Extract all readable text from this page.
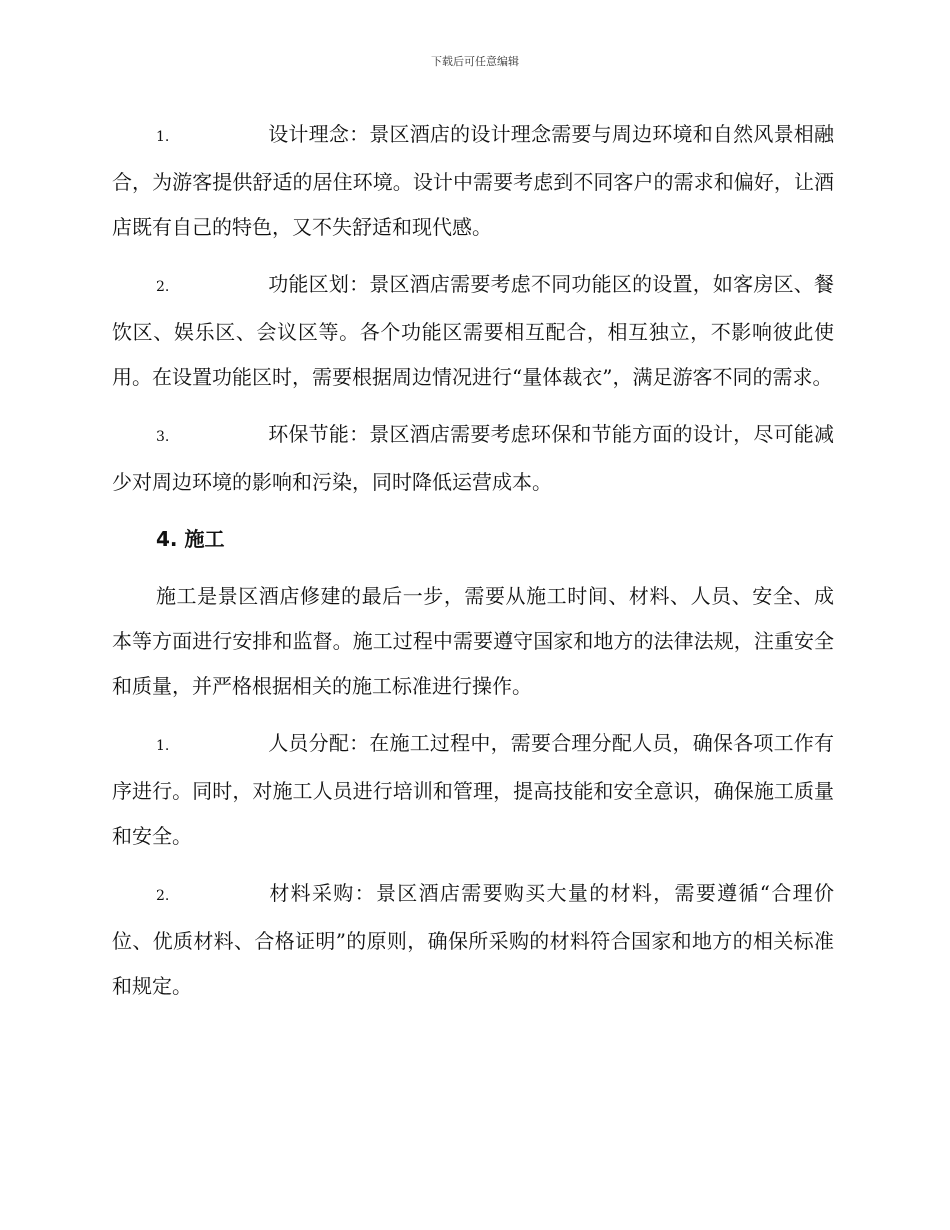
下载后可任意编辑

1.	设计理念：景区酒店的设计理念需要与周边环境和自然风景相融合，为游客提供舒适的居住环境。设计中需要考虑到不同客户的需求和偏好，让酒店既有自己的特色，又不失舒适和现代感。

2.	功能区划：景区酒店需要考虑不同功能区的设置，如客房区、餐饮区、娱乐区、会议区等。各个功能区需要相互配合，相互独立，不影响彼此使用。在设置功能区时，需要根据周边情况进行“量体裁衣”，满足游客不同的需求。

3.	环保节能：景区酒店需要考虑环保和节能方面的设计，尽可能减少对周边环境的影响和污染，同时降低运营成本。

4. 施工

施工是景区酒店修建的最后一步，需要从施工时间、材料、人员、安全、成本等方面进行安排和监督。施工过程中需要遵守国家和地方的法律法规，注重安全和质量，并严格根据相关的施工标准进行操作。

1.	人员分配：在施工过程中，需要合理分配人员，确保各项工作有序进行。同时，对施工人员进行培训和管理，提高技能和安全意识，确保施工质量和安全。

2.	材料采购：景区酒店需要购买大量的材料，需要遵循“合理价位、优质材料、合格证明”的原则，确保所采购的材料符合国家和地方的相关标准和规定。
